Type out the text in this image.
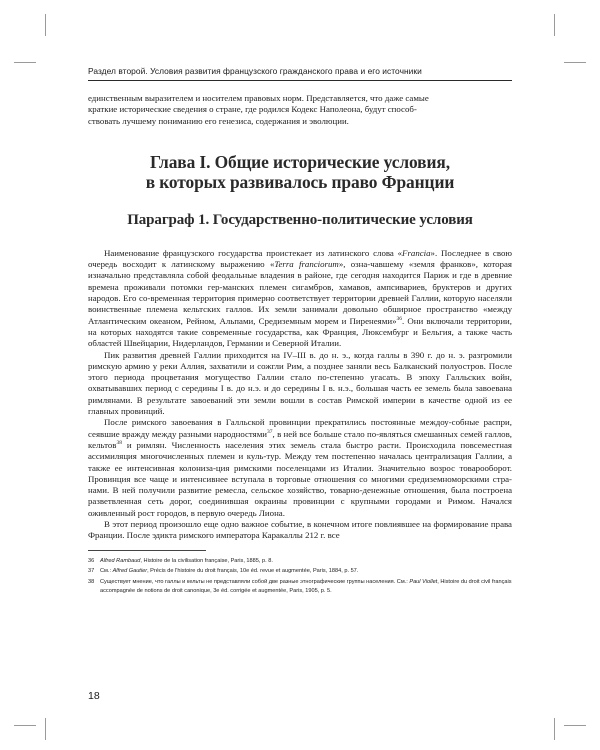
Раздел второй. Условия развития французского гражданского права и его источники

единственным выразителем и носителем правовых норм. Представляется, что даже самые
краткие исторические сведения о стране, где родился Кодекс Наполеона, будут способ-
ствовать лучшему пониманию его генезиса, содержания и эволюции.

Глава I. Общие исторические условия,
в которых развивалось право Франции
Параграф 1. Государственно-политические условия

Наименование французского государства проистекает из латинского слова «Francia». Последнее в свою очередь восходит к латинскому выражению «Terra franciorum», озна-чавшему «земля франков», которая изначально представляла собой феодальные владения в районе, где сегодня находится Париж и где в древние времена проживали потомки гер-манских племен сигамбров, хамавов, ампсивариев, бруктеров и других народов. Его со-временная территория примерно соответствует территории древней Галлии, которую населяли воинственные племена кельтских галлов. Их земли занимали довольно обширное пространство «между Атлантическим океаном, Рейном, Альпами, Средиземным морем и Пиренеями»$^{36}$. Они включали территории, на которых находятся такие современные государства, как Франция, Люксембург и Бельгия, а также часть областей Швейцарии, Нидерландов, Германии и Северной Италии.

Пик развития древней Галлии приходится на IV–III в. до н. э., когда галлы в 390 г. до н. э. разгромили римскую армию у реки Аллия, захватили и сожгли Рим, а позднее заняли весь Балканский полуостров. После этого периода процветания могущество Галлии стало по-степенно угасать. В эпоху Галльских войн, охватывавших период с середины I в. до н.э. и до середины I в. н.э., большая часть ее земель была завоевана римлянами. В результате завоеваний эти земли вошли в состав Римской империи в качестве одной из ее главных провинций.

После римского завоевания в Галльской провинции прекратились постоянные междоу-собные распри, сеявшие вражду между разными народностями$^{37}$, в ней все больше стало по-являться смешанных семей галлов, кельтов$^{38}$ и римлян. Численность населения этих земель стала быстро расти. Происходила повсеместная ассимиляция многочисленных племен и куль-тур. Между тем постепенно началась централизация Галлии, а также ее интенсивная колониза-ция римскими поселенцами из Италии. Значительно возрос товарооборот. Провинция все чаще и интенсивнее вступала в торговые отношения со многими средиземноморскими стра-нами. В ней получили развитие ремесла, сельское хозяйство, товарно-денежные отношения, была построена разветвленная сеть дорог, соединившая окраины провинции с крупными городами и Римом. Начался оживленный рост городов, в первую очередь Лиона.

В этот период произошло еще одно важное событие, в конечном итоге повлиявшее на формирование права Франции. После эдикта римского императора Каракаллы 212 г. все

36	Alfred Rambaud, Histoire de la civilisation française, Paris, 1885, p. 8.
37	См.: Alfred Gautier, Précis de l'histoire du droit français, 10e éd. revue et augmentée, Paris, 1884, p. 57.
38	Существует мнение, что галлы и кельты не представляли собой две разные этнографические группы населения. См.: Paul Viollet, Histoire du droit civil français accompagnée de notions de droit canonique, 3e éd. corrigée et augmentée, Paris, 1905, p. 5.
18
